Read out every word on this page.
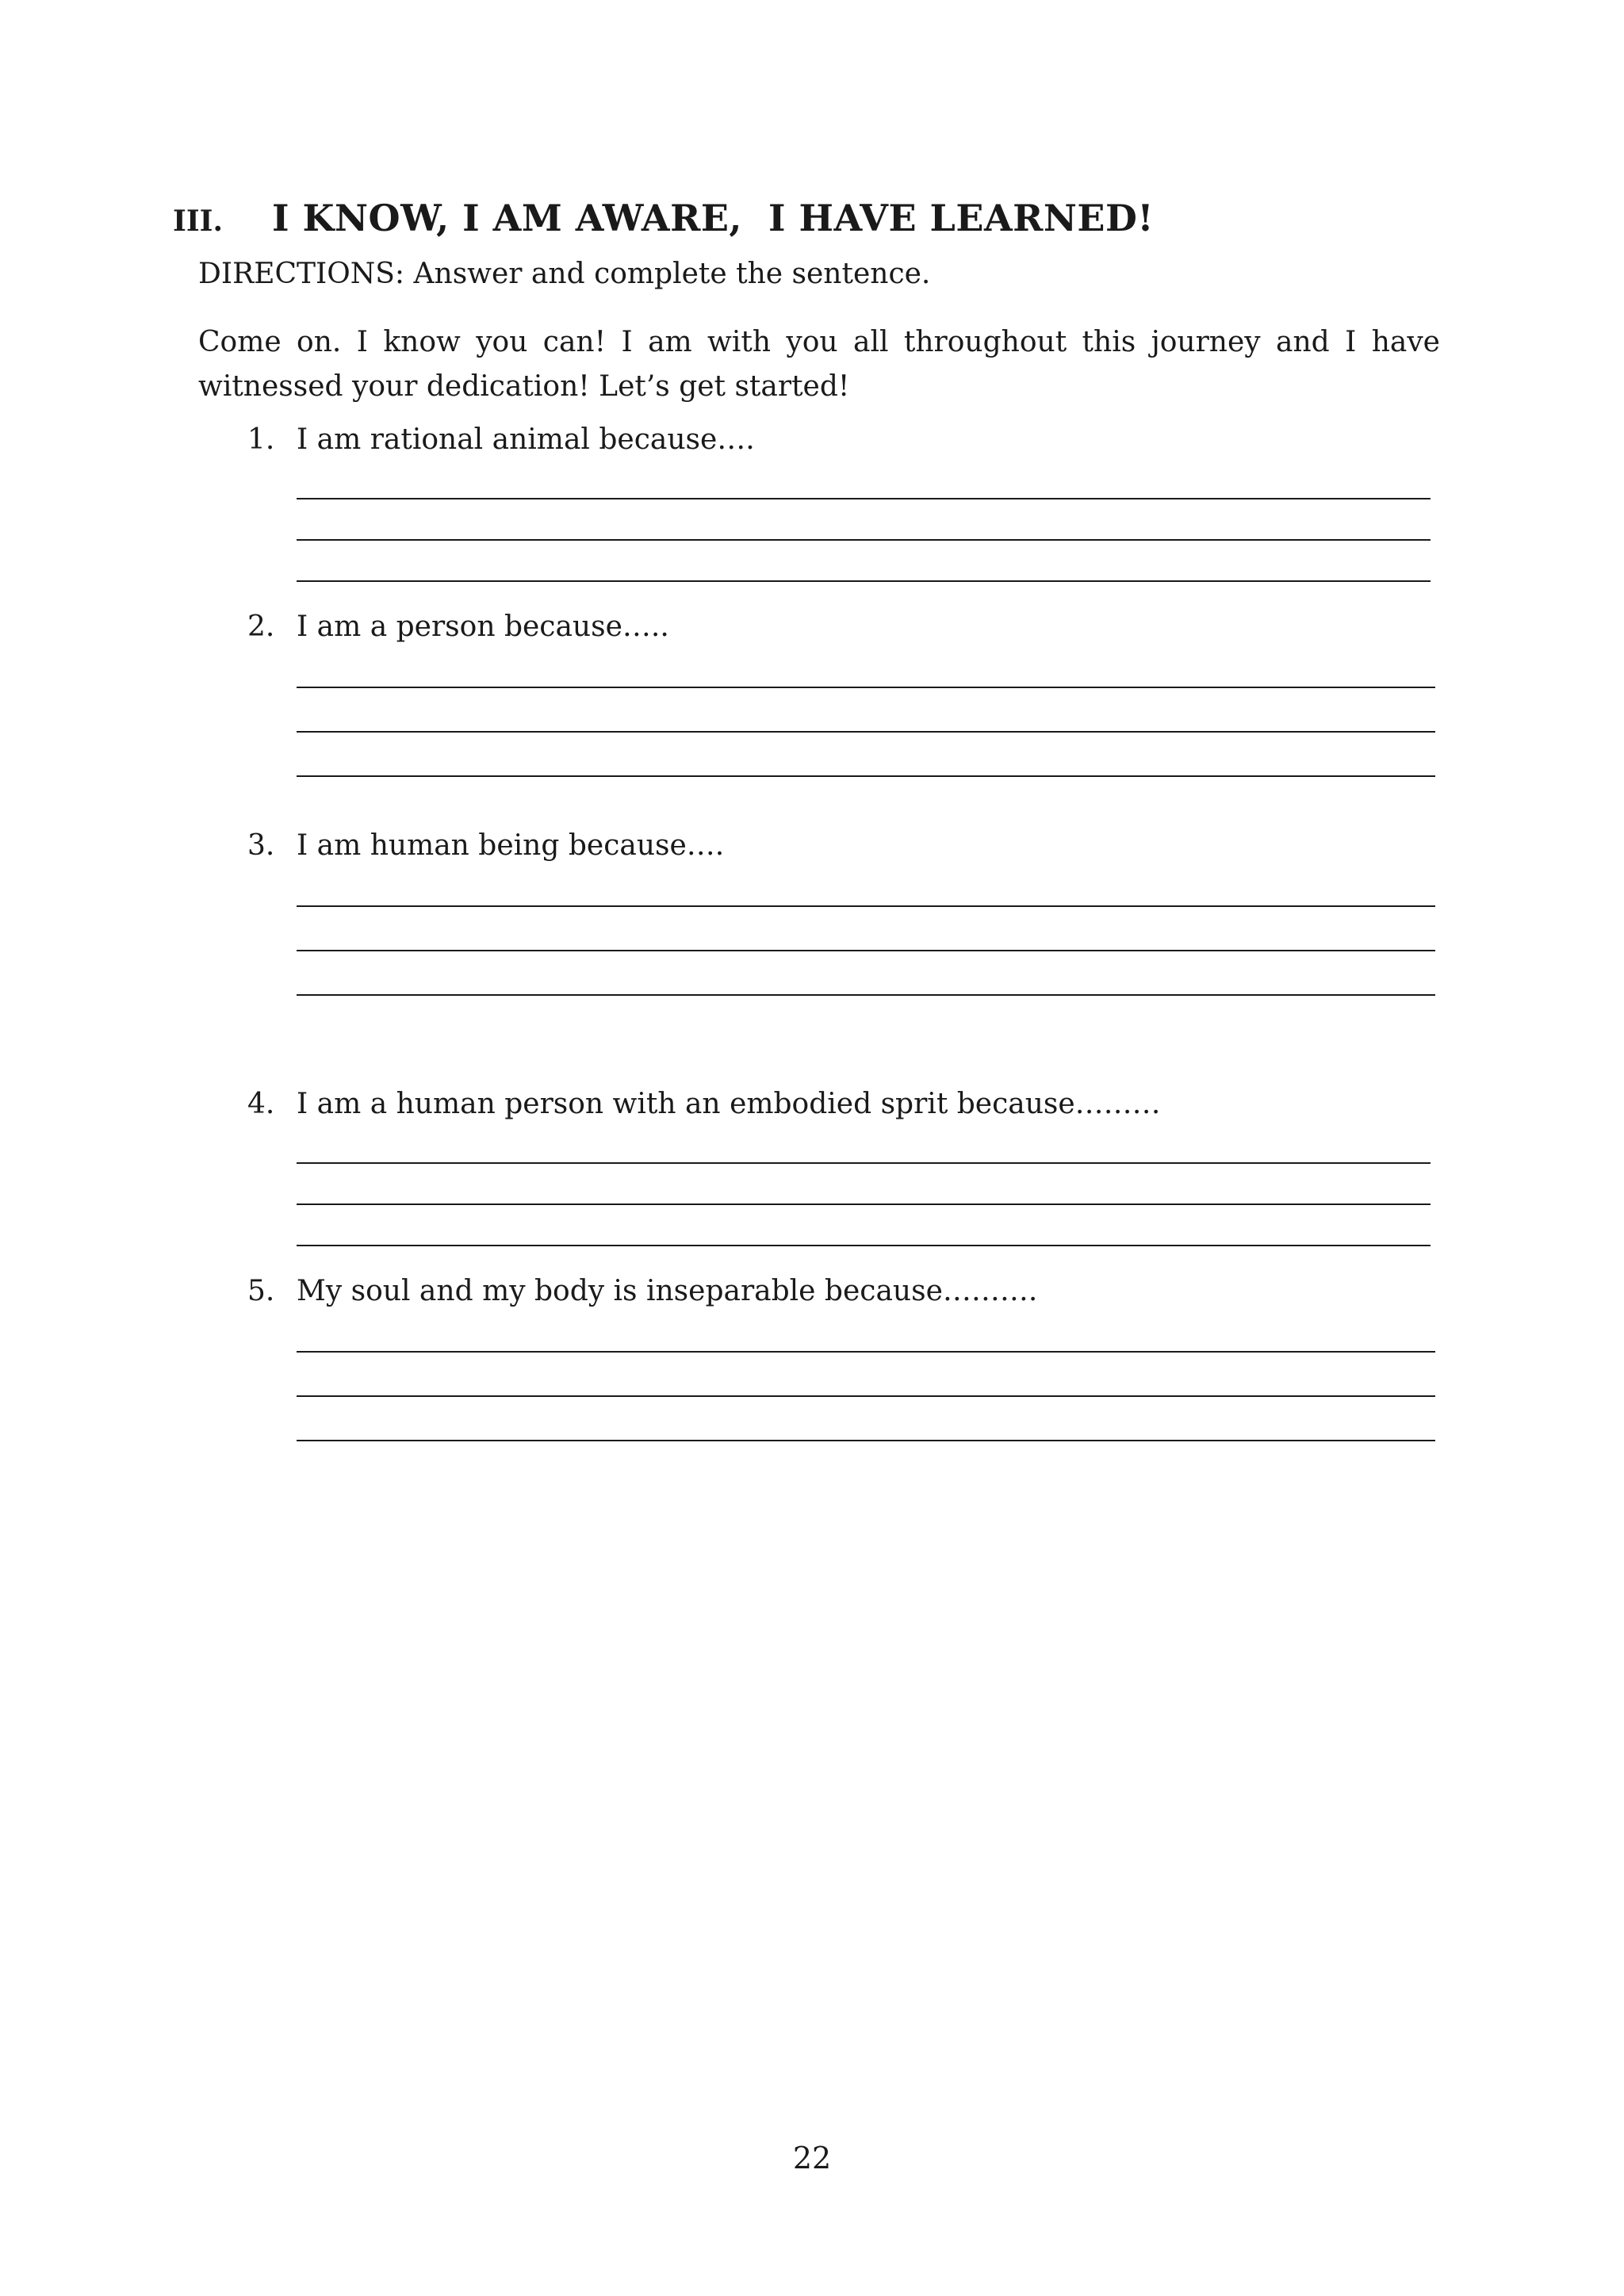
III.	I KNOW, I AM AWARE,  I HAVE LEARNED!
DIRECTIONS: Answer and complete the sentence.
Come on. I know you can! I am with you all throughout this journey and I have witnessed your dedication! Let’s get started!
1. I am rational animal because….
2. I am a person because…..
3. I am human being because….
4. I am a human person with an embodied sprit because………
5. My soul and my body is inseparable because……….
22
